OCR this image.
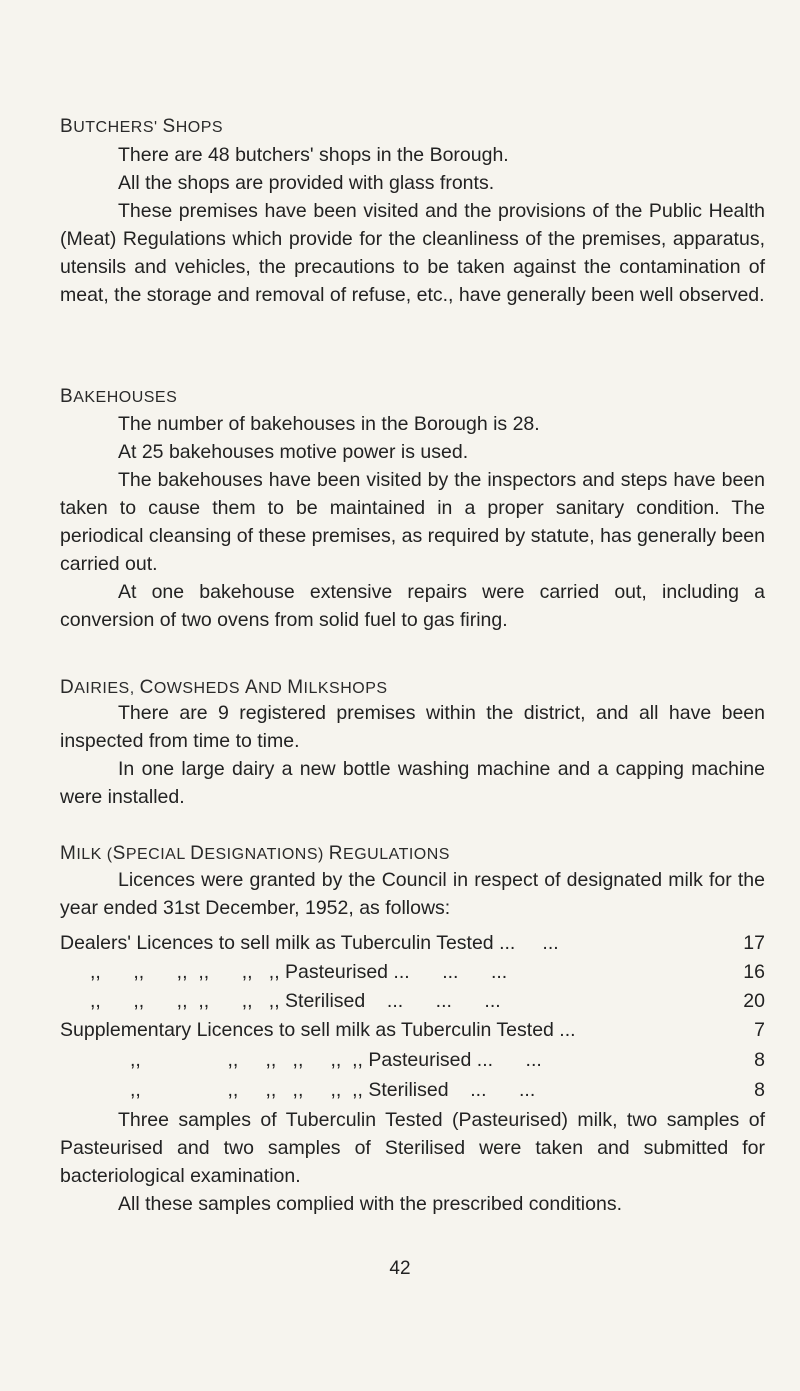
BUTCHERS' SHOPS

There are 48 butchers' shops in the Borough.

All the shops are provided with glass fronts.

These premises have been visited and the provisions of the Public Health (Meat) Regulations which provide for the cleanliness of the premises, apparatus, utensils and vehicles, the precautions to be taken against the contamination of meat, the storage and removal of refuse, etc., have generally been well observed.

BAKEHOUSES

The number of bakehouses in the Borough is 28.

At 25 bakehouses motive power is used.

The bakehouses have been visited by the inspectors and steps have been taken to cause them to be maintained in a proper sanitary condition. The periodical cleansing of these premises, as required by statute, has generally been carried out.

At one bakehouse extensive repairs were carried out, including a conversion of two ovens from solid fuel to gas firing.

DAIRIES, COWSHEDS AND MILKSHOPS

There are 9 registered premises within the district, and all have been inspected from time to time.

In one large dairy a new bottle washing machine and a capping machine were installed.

MILK (SPECIAL DESIGNATIONS) REGULATIONS

Licences were granted by the Council in respect of designated milk for the year ended 31st December, 1952, as follows:

Dealers' Licences to sell milk as Tuberculin Tested ...     ...	17
,,      ,,      ,,  ,,      ,,   ,, Pasteurised ...      ...      ...	16
,,      ,,      ,,  ,,      ,,   ,, Sterilised    ...      ...      ...	20
Supplementary Licences to sell milk as Tuberculin Tested ...	7
,,                ,,     ,,   ,,     ,,  ,, Pasteurised ...      ...	8
,,                ,,     ,,   ,,     ,,  ,, Sterilised    ...      ...	8

Three samples of Tuberculin Tested (Pasteurised) milk, two samples of Pasteurised and two samples of Sterilised were taken and submitted for bacteriological examination.

All these samples complied with the prescribed conditions.

42
